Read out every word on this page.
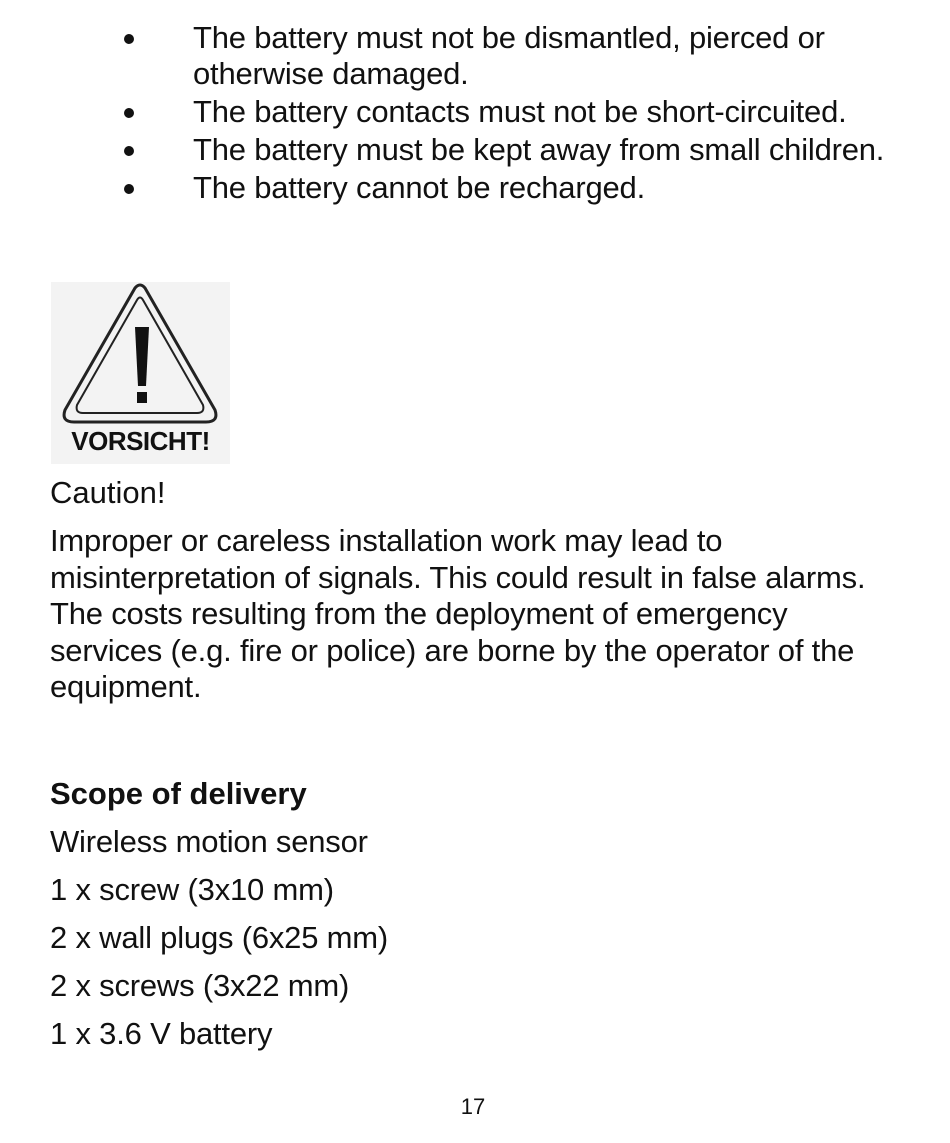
The battery must not be dismantled, pierced or otherwise damaged.
The battery contacts must not be short-circuited.
The battery must be kept away from small children.
The battery cannot be recharged.
VORSICHT!
Caution!
Improper or careless installation work may lead to misinterpretation of signals. This could result in false alarms. The costs resulting from the deployment of emergency services (e.g. fire or police) are borne by the operator of the equipment.
Scope of delivery
Wireless motion sensor
1 x screw (3x10 mm)
2 x wall plugs (6x25 mm)
2 x screws (3x22 mm)
1 x 3.6 V battery
17
